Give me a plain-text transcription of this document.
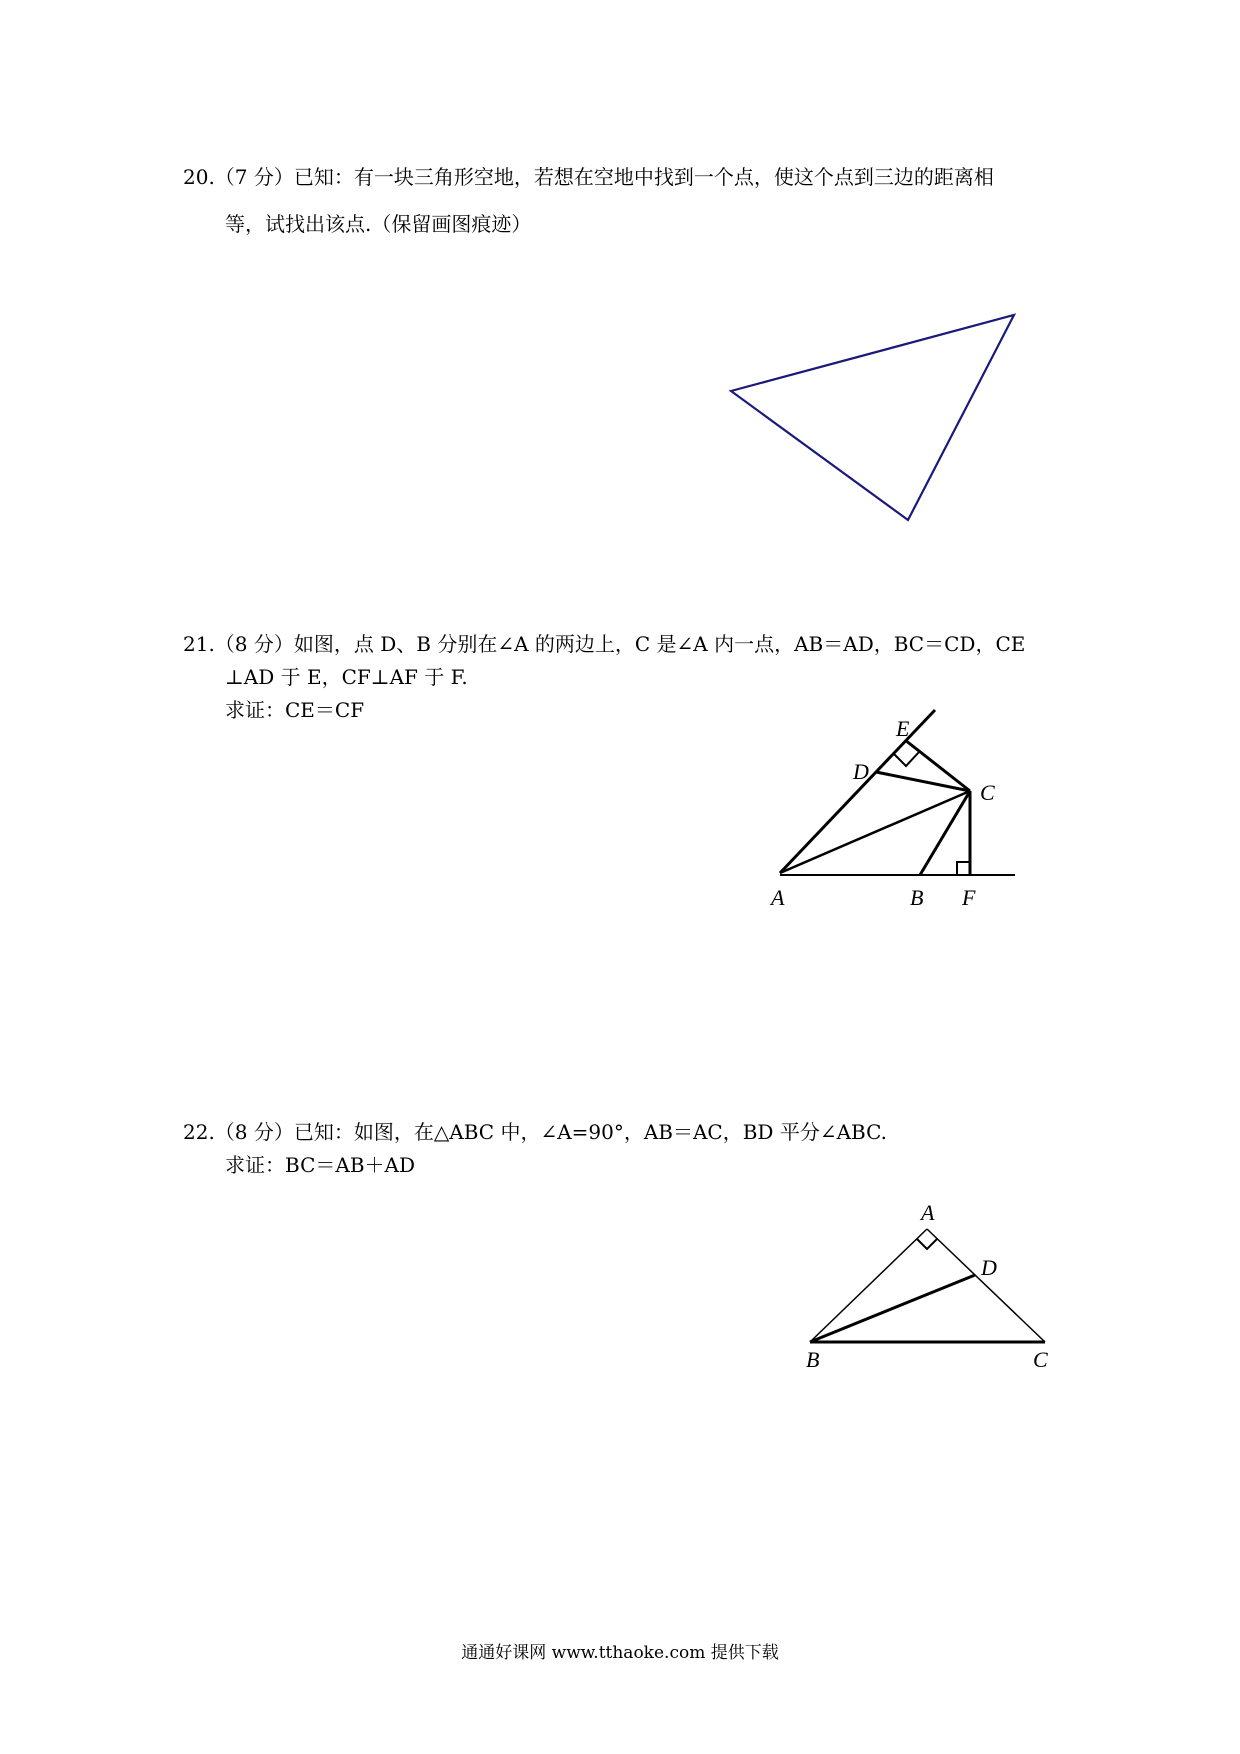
20.（7 分）已知：有一块三角形空地，若想在空地中找到一个点，使这个点到三边的距离相
等，试找出该点.（保留画图痕迹）
E
D
C
A	B F
A
D
B	C
21.（8 分）如图，点 D、B 分别在∠A 的两边上，C 是∠A 内一点，AB＝AD，BC＝CD，CE
⊥AD 于 E，CF⊥AF 于 F.
求证：CE＝CF
22.（8 分）已知：如图，在△ABC 中，∠A=90°，AB＝AC，BD 平分∠ABC.
求证：BC＝AB＋AD
通通好课网 www.tthaoke.com 提供下载
